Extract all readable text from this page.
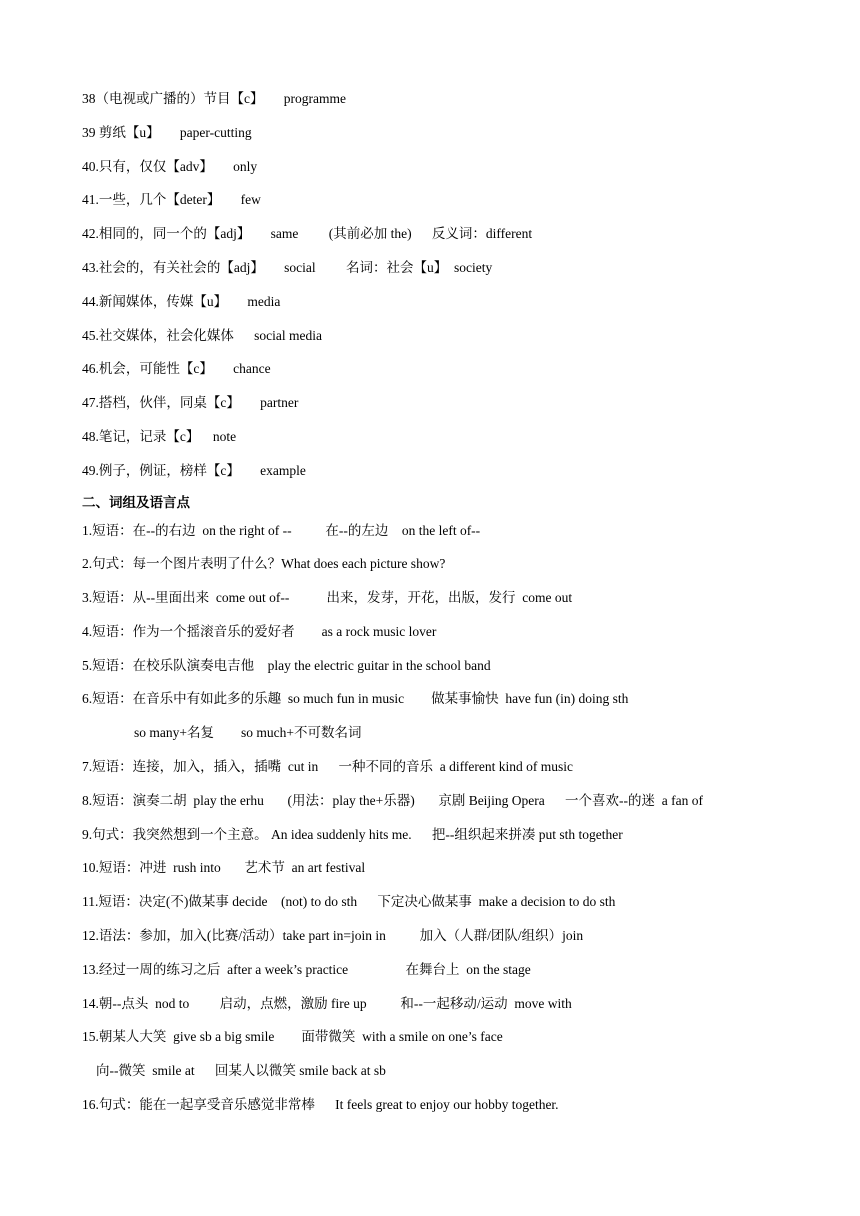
38（电视或广播的）节目【c】      programme
39 剪纸【u】      paper-cutting
40.只有，仅仅【adv】      only
41.一些，几个【deter】      few
42.相同的，同一个的【adj】      same         (其前必加 the)      反义词：different
43.社会的，有关社会的【adj】      social         名词：社会【u】  society
44.新闻媒体，传媒【u】      media
45.社交媒体，社会化媒体      social media
46.机会，可能性【c】      chance
47.搭档，伙伴，同桌【c】      partner
48.笔记，记录【c】    note
49.例子，例证，榜样【c】      example
二、词组及语言点
1.短语：在--的右边  on the right of --          在--的左边    on the left of--
2.句式：每一个图片表明了什么？What does each picture show?
3.短语：从--里面出来  come out of--           出来，发芽，开花，出版，发行  come out
4.短语：作为一个摇滚音乐的爱好者        as a rock music lover
5.短语：在校乐队演奏电吉他    play the electric guitar in the school band
6.短语：在音乐中有如此多的乐趣  so much fun in music        做某事愉快  have fun (in) doing sth
so many+名复        so much+不可数名词
7.短语：连接，加入，插入，插嘴  cut in      一种不同的音乐  a different kind of music
8.短语：演奏二胡  play the erhu       (用法：play the+乐器)       京剧 Beijing Opera      一个喜欢--的迷  a fan of
9.句式：我突然想到一个主意。 An idea suddenly hits me.      把--组织起来拼凑 put sth together
10.短语：冲进  rush into       艺术节  an art festival
11.短语：决定(不)做某事 decide    (not) to do sth      下定决心做某事  make a decision to do sth
12.语法：参加，加入(比赛/活动）take part in=join in          加入（人群/团队/组织）join
13.经过一周的练习之后  after a week’s practice                 在舞台上  on the stage
14.朝--点头  nod to         启动，点燃，激励 fire up          和--一起移动/运动  move with
15.朝某人大笑  give sb a big smile        面带微笑  with a smile on one’s face
向--微笑  smile at      回某人以微笑 smile back at sb
16.句式：能在一起享受音乐感觉非常棒      It feels great to enjoy our hobby together.
